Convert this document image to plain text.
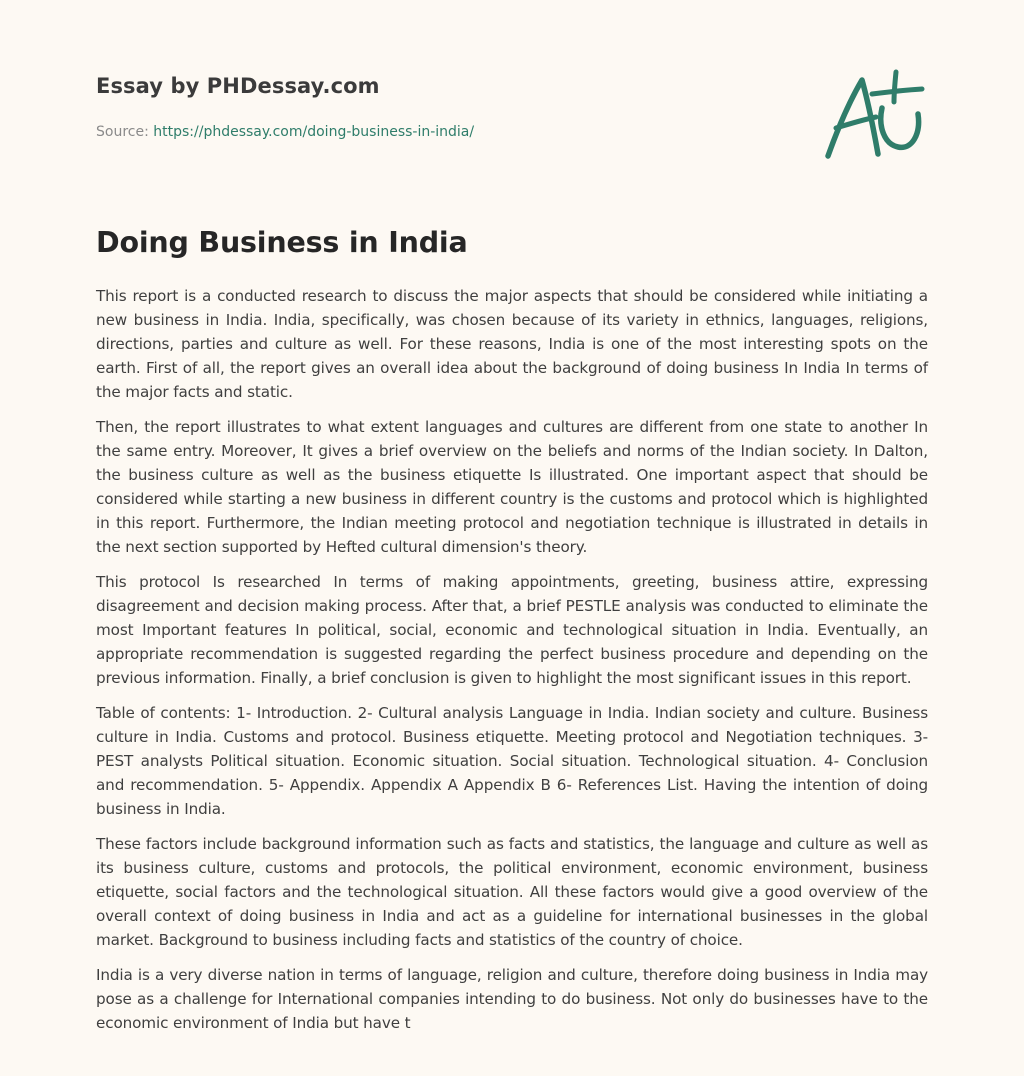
Essay by PHDessay.com
Source: https://phdessay.com/doing-business-in-india/
Doing Business in India

This report is a conducted research to discuss the major aspects that should be considered while initiating a new business in India. India, specifically, was chosen because of its variety in ethnics, languages, religions, directions, parties and culture as well. For these reasons, India is one of the most interesting spots on the earth. First of all, the report gives an overall idea about the background of doing business In India In terms of the major facts and static.

Then, the report illustrates to what extent languages and cultures are different from one state to another In the same entry. Moreover, It gives a brief overview on the beliefs and norms of the Indian society. In Dalton, the business culture as well as the business etiquette Is illustrated. One important aspect that should be considered while starting a new business in different country is the customs and protocol which is highlighted in this report. Furthermore, the Indian meeting protocol and negotiation technique is illustrated in details in the next section supported by Hefted cultural dimension's theory.

This protocol Is researched In terms of making appointments, greeting, business attire, expressing disagreement and decision making process. After that, a brief PESTLE analysis was conducted to eliminate the most Important features In political, social, economic and technological situation in India. Eventually, an appropriate recommendation is suggested regarding the perfect business procedure and depending on the previous information. Finally, a brief conclusion is given to highlight the most significant issues in this report.

Table of contents: 1- Introduction. 2- Cultural analysis Language in India. Indian society and culture. Business culture in India. Customs and protocol. Business etiquette. Meeting protocol and Negotiation techniques. 3- PEST analysts Political situation. Economic situation. Social situation. Technological situation. 4- Conclusion and recommendation. 5- Appendix. Appendix A Appendix B 6- References List. Having the intention of doing business in India.

These factors include background information such as facts and statistics, the language and culture as well as its business culture, customs and protocols, the political environment, economic environment, business etiquette, social factors and the technological situation. All these factors would give a good overview of the overall context of doing business in India and act as a guideline for international businesses in the global market. Background to business including facts and statistics of the country of choice.

India is a very diverse nation in terms of language, religion and culture, therefore doing business in India may pose as a challenge for International companies intending to do business. Not only do businesses have to the economic environment of India but have t
